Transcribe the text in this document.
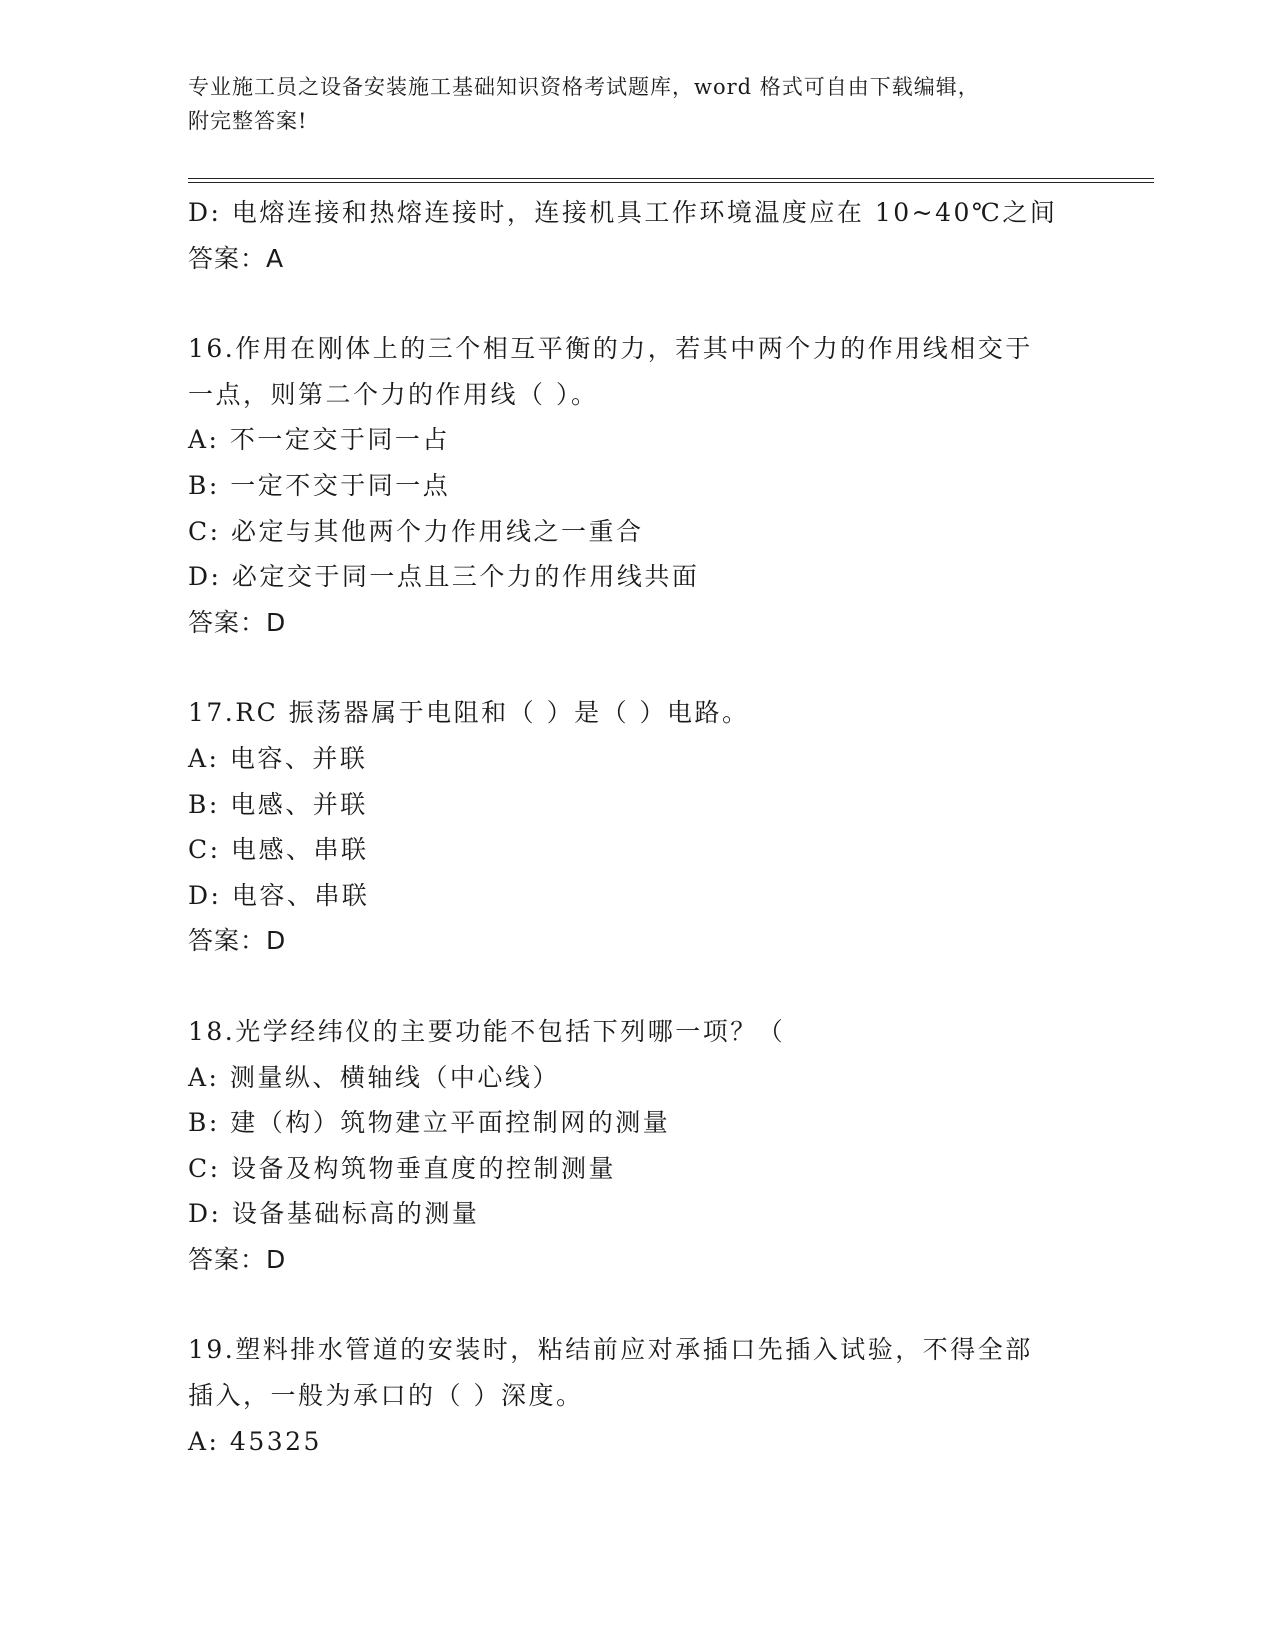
专业施工员之设备安装施工基础知识资格考试题库，word 格式可自由下载编辑，
附完整答案!
D: 电熔连接和热熔连接时，连接机具工作环境温度应在 10~40℃之间
答案：A
16.作用在刚体上的三个相互平衡的力，若其中两个力的作用线相交于
一点，则第二个力的作用线（ ）。
A: 不一定交于同一占
B: 一定不交于同一点
C: 必定与其他两个力作用线之一重合
D: 必定交于同一点且三个力的作用线共面
答案：D
17.RC 振荡器属于电阻和（ ）是（ ）电路。
A: 电容、并联
B: 电感、并联
C: 电感、串联
D: 电容、串联
答案：D
18.光学经纬仪的主要功能不包括下列哪一项？（
A: 测量纵、横轴线（中心线）
B: 建（构）筑物建立平面控制网的测量
C: 设备及构筑物垂直度的控制测量
D: 设备基础标高的测量
答案：D
19.塑料排水管道的安装时，粘结前应对承插口先插入试验，不得全部
插入，一般为承口的（ ）深度。
A: 45325
